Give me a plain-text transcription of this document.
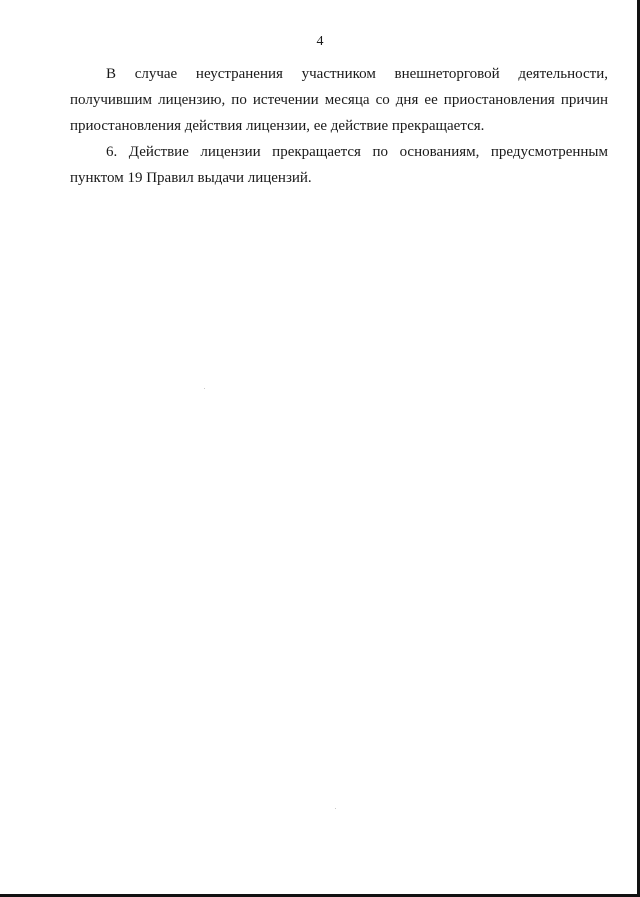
4
В случае неустранения участником внешнеторговой деятельности,
получившим лицензию, по истечении месяца со дня ее приостановления причин
приостановления действия лицензии, ее действие прекращается.
6. Действие лицензии прекращается по основаниям, предусмотренным
пунктом 19 Правил выдачи лицензий.
